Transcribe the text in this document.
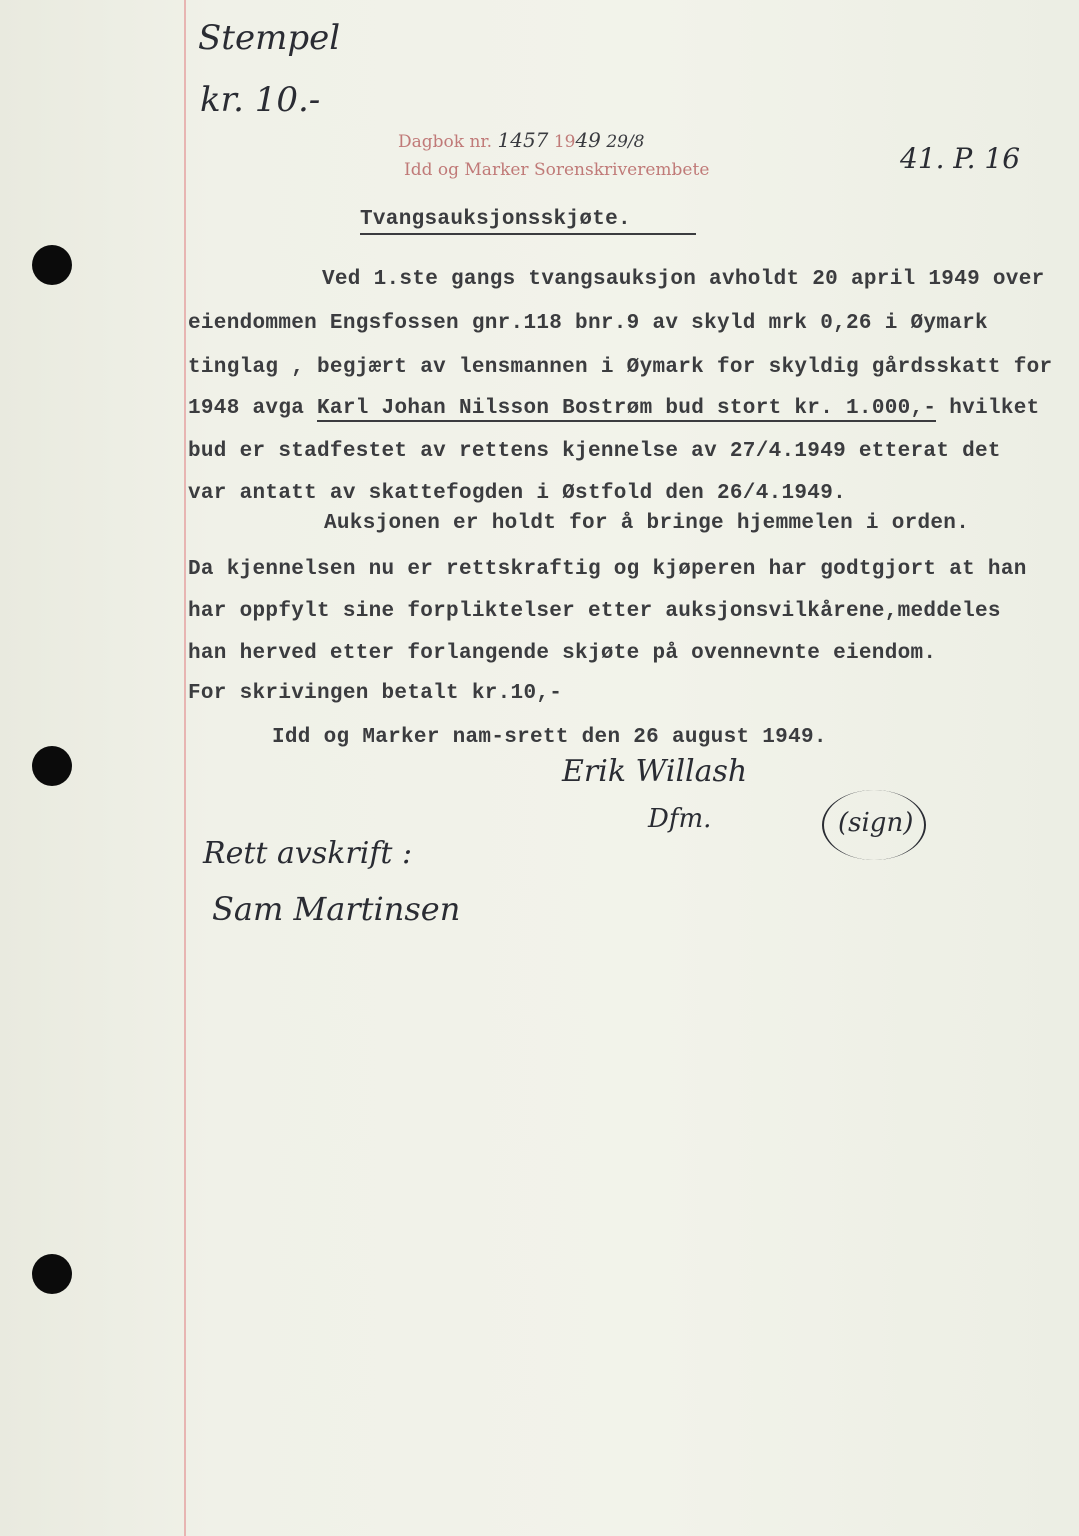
Stempel
kr. 10.-
Dagbok nr. 1457 1949 29/8
Idd og Marker Sorenskriverembete	41. P. 16
Tvangsauksjonsskjøte.
Ved 1.ste gangs tvangsauksjon avholdt 20 april 1949 over
eiendommen Engsfossen gnr.118 bnr.9 av skyld mrk 0,26 i Øymark
tinglag , begjært av lensmannen i Øymark for skyldig gårdsskatt for
1948 avga Karl Johan Nilsson Bostrøm bud stort kr. 1.000,- hvilket
bud er stadfestet av rettens kjennelse av 27/4.1949 etterat det
var antatt av skattefogden i Østfold den 26/4.1949.
Auksjonen er holdt for å bringe hjemmelen i orden.
Da kjennelsen nu er rettskraftig og kjøperen har godtgjort at han
har oppfylt sine forpliktelser etter auksjonsvilkårene,meddeles
han herved etter forlangende skjøte på ovennevnte eiendom.
For skrivingen betalt kr.10,-
Idd og Marker nam-srett den 26 august 1949.
Erik Willash
Dfm.	(sign)
Rett avskrift :
Sam Martinsen
